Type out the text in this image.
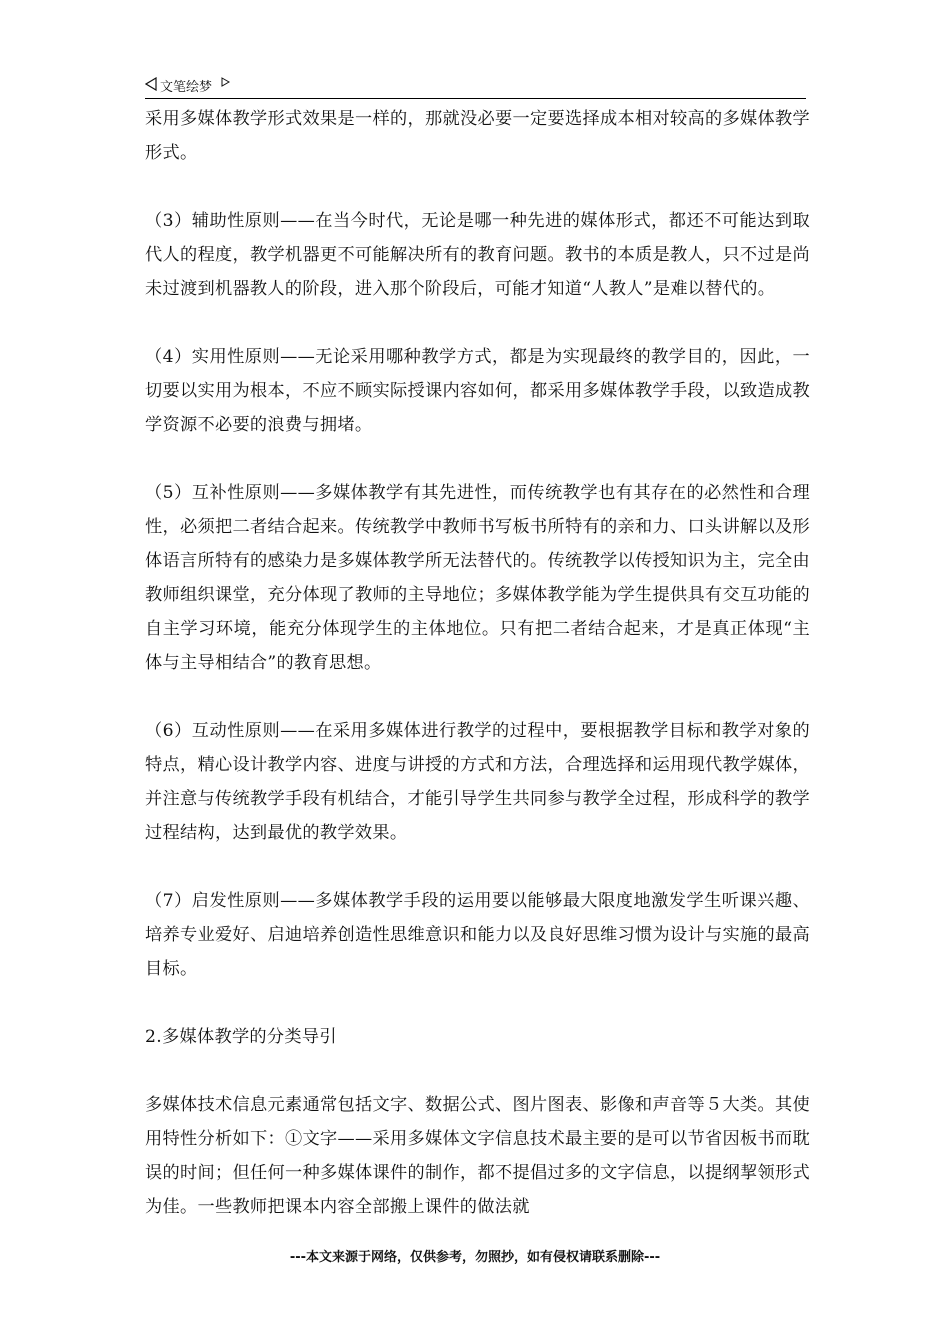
文笔绘梦

采用多媒体教学形式效果是一样的，那就没必要一定要选择成本相对较高的多媒体教学形式。

（3）辅助性原则——在当今时代，无论是哪一种先进的媒体形式，都还不可能达到取代人的程度，教学机器更不可能解决所有的教育问题。教书的本质是教人，只不过是尚未过渡到机器教人的阶段，进入那个阶段后，可能才知道“人教人”是难以替代的。

（4）实用性原则——无论采用哪种教学方式，都是为实现最终的教学目的，因此，一切要以实用为根本，不应不顾实际授课内容如何，都采用多媒体教学手段，以致造成教学资源不必要的浪费与拥堵。

（5）互补性原则——多媒体教学有其先进性，而传统教学也有其存在的必然性和合理性，必须把二者结合起来。传统教学中教师书写板书所特有的亲和力、口头讲解以及形体语言所特有的感染力是多媒体教学所无法替代的。传统教学以传授知识为主，完全由教师组织课堂，充分体现了教师的主导地位；多媒体教学能为学生提供具有交互功能的自主学习环境，能充分体现学生的主体地位。只有把二者结合起来，才是真正体现“主体与主导相结合”的教育思想。

（6）互动性原则——在采用多媒体进行教学的过程中，要根据教学目标和教学对象的特点，精心设计教学内容、进度与讲授的方式和方法，合理选择和运用现代教学媒体，并注意与传统教学手段有机结合，才能引导学生共同参与教学全过程，形成科学的教学过程结构，达到最优的教学效果。

（7）启发性原则——多媒体教学手段的运用要以能够最大限度地激发学生听课兴趣、培养专业爱好、启迪培养创造性思维意识和能力以及良好思维习惯为设计与实施的最高目标。

2.多媒体教学的分类导引

多媒体技术信息元素通常包括文字、数据公式、图片图表、影像和声音等５大类。其使用特性分析如下：①文字——采用多媒体文字信息技术最主要的是可以节省因板书而耽误的时间；但任何一种多媒体课件的制作，都不提倡过多的文字信息，以提纲挈领形式为佳。一些教师把课本内容全部搬上课件的做法就

---本文来源于网络，仅供参考，勿照抄，如有侵权请联系删除---
